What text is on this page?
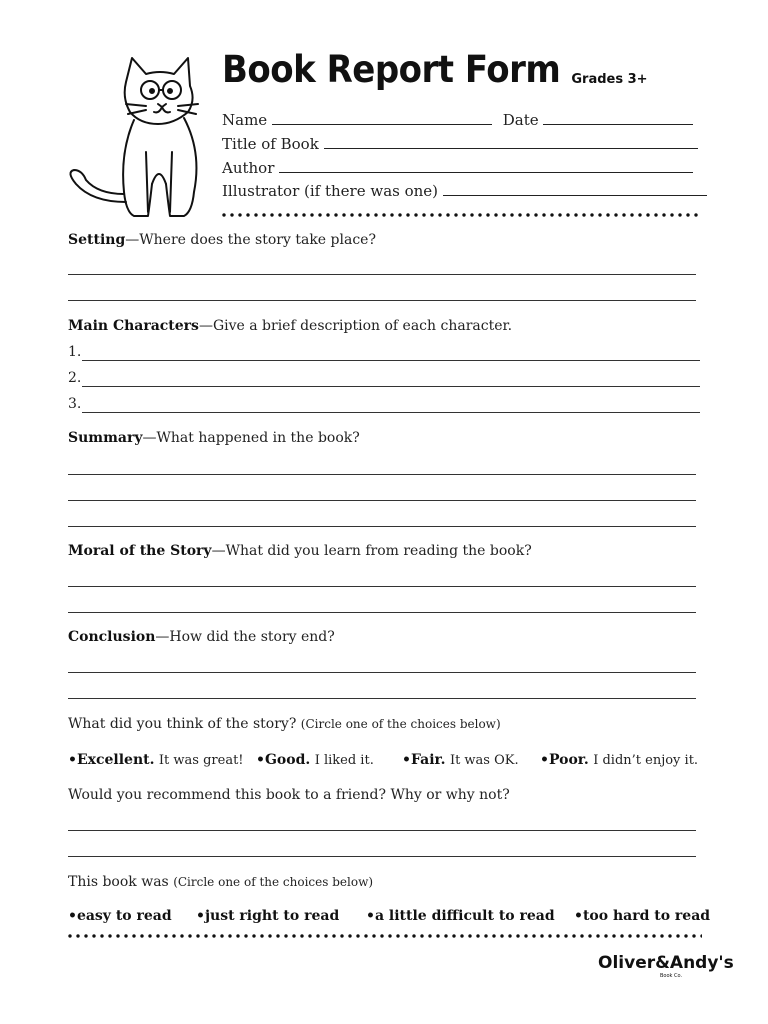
Book Report Form Grades 3+
Name	Date
Title of Book
Author
Illustrator (if there was one)
Setting—Where does the story take place?
Main Characters—Give a brief description of each character.
1.
2.
3.
Summary—What happened in the book?
Moral of the Story—What did you learn from reading the book?
Conclusion—How did the story end?
What did you think of the story? (Circle one of the choices below)
•Excellent. It was great! •Good. I liked it. •Fair. It was OK. •Poor. I didn’t enjoy it.
Would you recommend this book to a friend? Why or why not?
This book was (Circle one of the choices below)
•easy to read •just right to read •a little difficult to read •too hard to read
Oliver&Andy's
Book Co.
